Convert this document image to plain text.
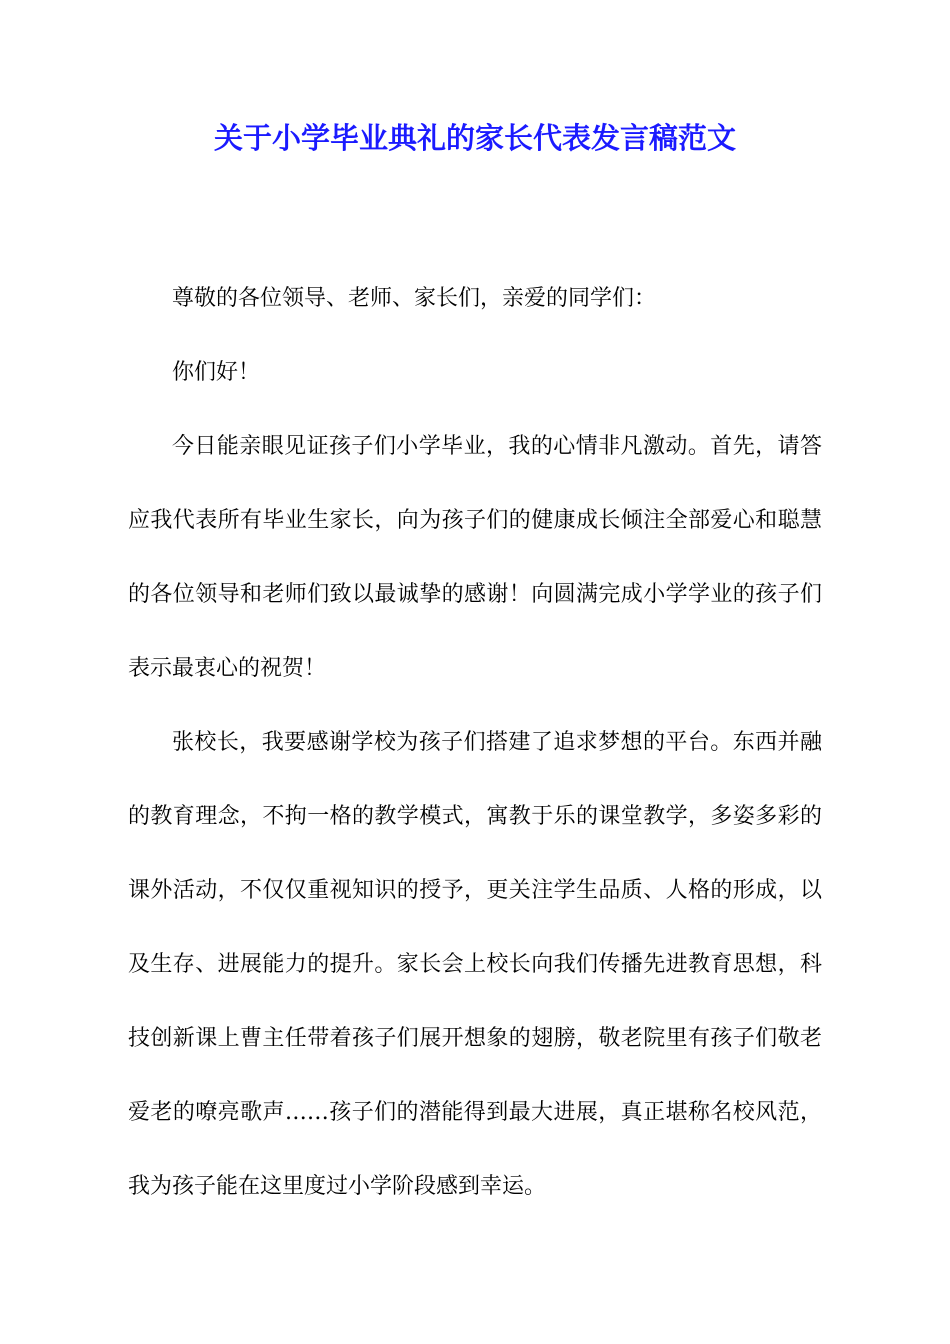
关于小学毕业典礼的家长代表发言稿范文

尊敬的各位领导、老师、家长们，亲爱的同学们：

你们好！

今日能亲眼见证孩子们小学毕业，我的心情非凡激动。首先，请答应我代表所有毕业生家长，向为孩子们的健康成长倾注全部爱心和聪慧的各位领导和老师们致以最诚挚的感谢！向圆满完成小学学业的孩子们表示最衷心的祝贺！

张校长，我要感谢学校为孩子们搭建了追求梦想的平台。东西并融的教育理念，不拘一格的教学模式，寓教于乐的课堂教学，多姿多彩的课外活动，不仅仅重视知识的授予，更关注学生品质、人格的形成，以及生存、进展能力的提升。家长会上校长向我们传播先进教育思想，科技创新课上曹主任带着孩子们展开想象的翅膀，敬老院里有孩子们敬老爱老的嘹亮歌声……孩子们的潜能得到最大进展，真正堪称名校风范，我为孩子能在这里度过小学阶段感到幸运。
